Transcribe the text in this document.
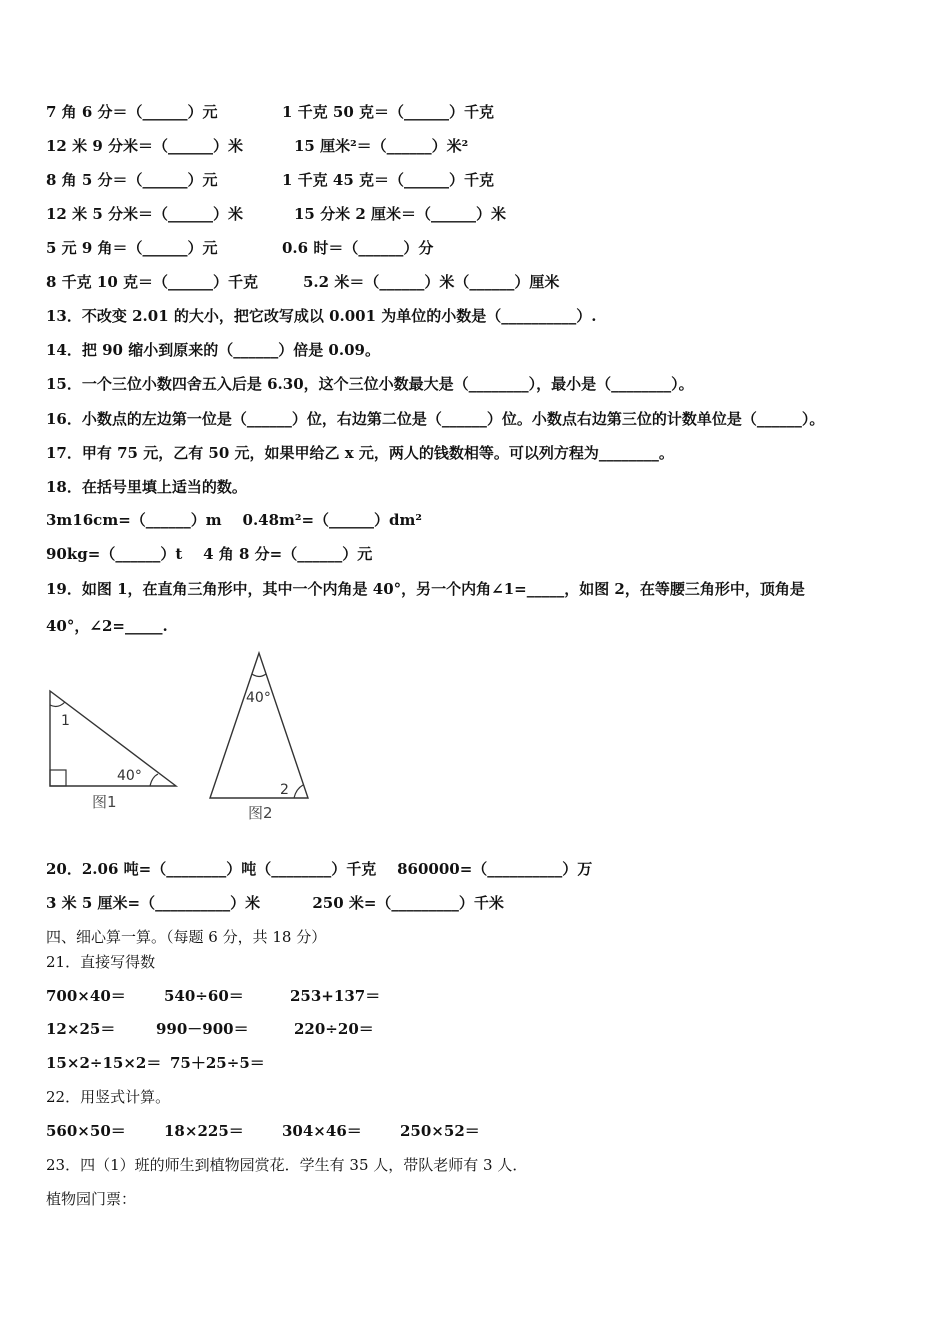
7 角 6 分＝（______）元	1 千克 50 克＝（______）千克
12 米 9 分米＝（______）米	15 厘米²＝（______）米²
8 角 5 分＝（______）元	1 千克 45 克＝（______）千克
12 米 5 分米＝（______）米	15 分米 2 厘米＝（______）米
5 元 9 角＝（______）元	0.6 时＝（______）分
8 千克 10 克＝（______）千克	5.2 米＝（______）米（______）厘米
13．不改变 2.01 的大小，把它改写成以 0.001 为单位的小数是（__________）.
14．把 90 缩小到原来的（______）倍是 0.09。
15．一个三位小数四舍五入后是 6.30，这个三位小数最大是（________），最小是（________）。
16．小数点的左边第一位是（______）位，右边第二位是（______）位。小数点右边第三位的计数单位是（______）。
17．甲有 75 元，乙有 50 元，如果甲给乙 x 元，两人的钱数相等。可以列方程为________。
18．在括号里填上适当的数。
3m16cm=（______）m    0.48m²=（______）dm²
90kg=（______）t    4 角 8 分=（______）元
19．如图 1，在直角三角形中，其中一个内角是 40°，另一个内角∠1=_____，如图 2，在等腰三角形中，顶角是
40°，∠2=_____.
1
40°
图1
40°
2
图2
20．2.06 吨=（________）吨（________）千克    860000=（__________）万
3 米 5 厘米=（__________）米          250 米=（_________）千米
四、细心算一算。（每题 6 分，共 18 分）
21．直接写得数
700×40＝	540÷60＝	253+137＝
12×25＝	990－900＝	220÷20＝
15×2÷15×2＝ 75＋25÷5＝
22．用竖式计算。
560×50＝	18×225＝	304×46＝	250×52＝
23．四（1）班的师生到植物园赏花．学生有 35 人，带队老师有 3 人．
植物园门票：
